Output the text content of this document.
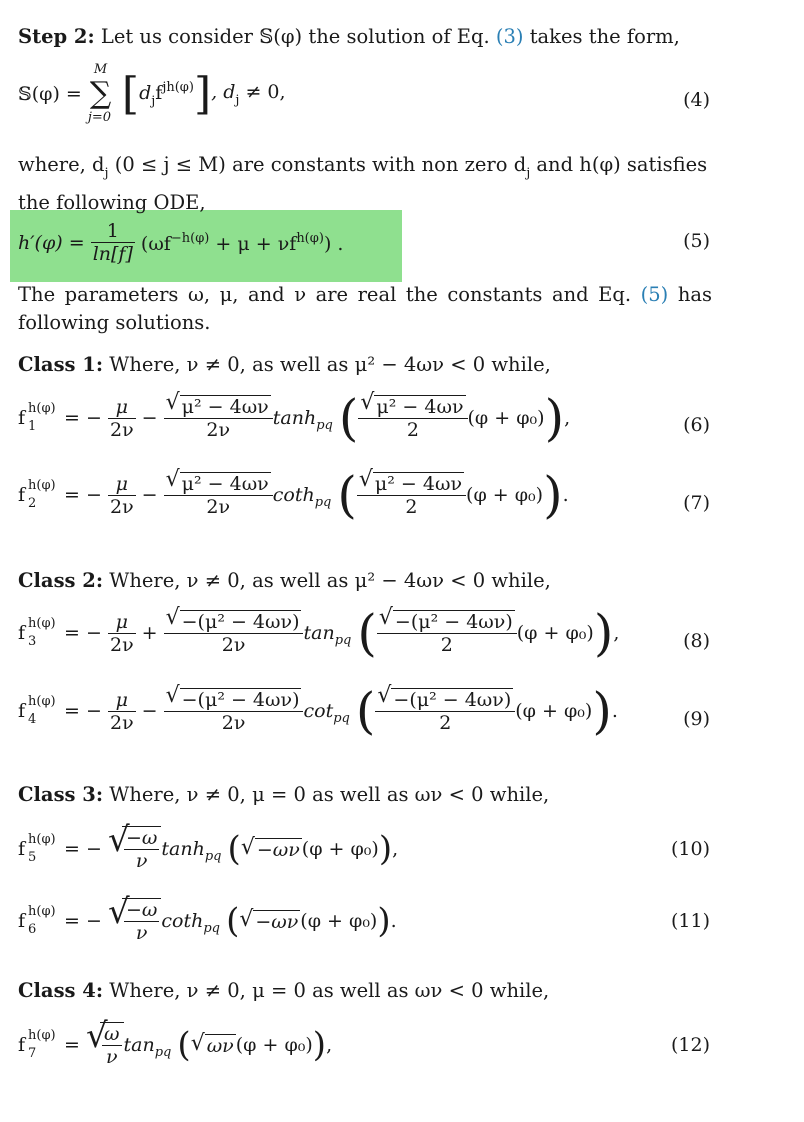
Step 2: Let us consider 𝕊(φ) the solution of Eq. (3) takes the form,
𝕊(φ) =
M
∑
j=0 $[d_jf^{jh(\varphi)}]$, $d_j \ne 0$,	(4)
where, $d_j$ (0 ≤ j ≤ M) are constants with non zero $d_j$ and h(φ) satisfies
the following ODE,
$h'(\varphi) = \frac{1}{\ln[f]} (\omega f^{-h(\varphi)} + \mu + \nu f^{h(\varphi)})$ .	(5)
The parameters ω, μ, and ν are real the constants and Eq. (5) has
following solutions.
Class 1: Where, ν ≠ 0, as well as μ² − 4ων < 0 while,
f h(φ)
1 = − $\frac{\mu}{2\nu} - \frac{\text{√ μ² − 4ων}}{2\nu} \tanh_{pq}$ ( $\frac{\text{√ μ² − 4ων}}{2} (\varphi + \varphi_0)$),	(6)
f h(φ)
2 = − $\frac{\mu}{2\nu} - \frac{\text{√ μ² − 4ων}}{2\nu} \cot h_{pq}$ ( $\frac{\text{√ μ² − 4ων}}{2} (\varphi + \varphi_0)$).	(7)
Class 2: Where, ν ≠ 0, as well as μ² − 4ων < 0 while,
f h(φ)
3 = − $\frac{\mu}{2\nu} + \frac{\text{√ −(μ² − 4ων)}}{2\nu} \tan_{pq}$ ( $\frac{\text{√ −(μ² − 4ων)}}{2} (\varphi + \varphi_0)$),	(8)
f h(φ)
4 = − $\frac{\mu}{2\nu} - \frac{\text{√ −(μ² − 4ων)}}{2\nu} \cot_{pq}$ ( $\frac{\text{√ −(μ² − 4ων)}}{2} (\varphi + \varphi_0)$).	(9)
Class 3: Where, ν ≠ 0, μ = 0 as well as ων < 0 while,
f h(φ)
5 = − √
$\frac{-\omega}{\nu} \tanh_{pq}$ ( √ −ων (φ + φ₀)),	(10)
f h(φ)
6 = − √
$\frac{-\omega}{\nu} \cot h_{pq}$ ( √ −ων (φ + φ₀)).	(11)
Class 4: Where, ν ≠ 0, μ = 0 as well as ων < 0 while,
f h(φ)
7 = √
$\frac{\omega}{\nu} \tan_{pq}$ ( √ ων (φ + φ₀)),	(12)
